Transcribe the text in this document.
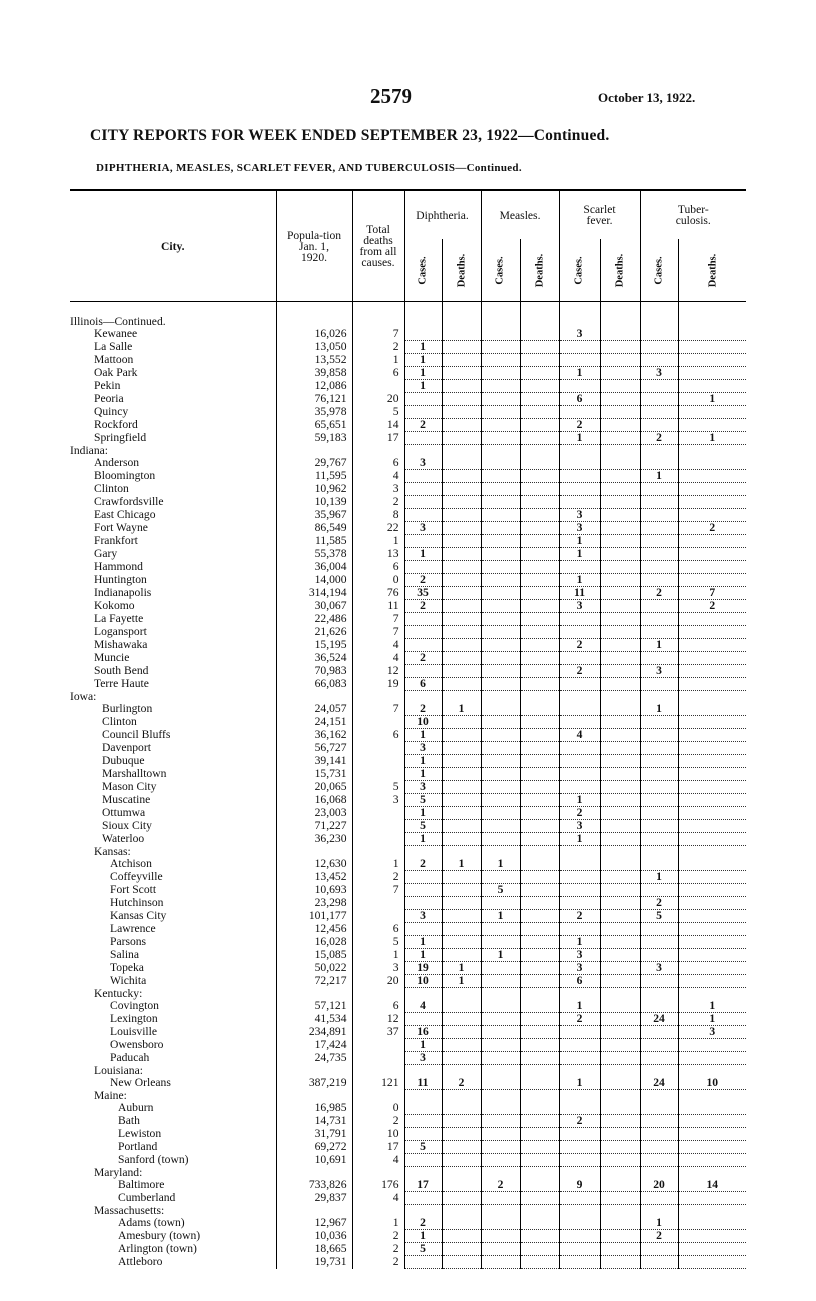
2579	October 13, 1922.
CITY REPORTS FOR WEEK ENDED SEPTEMBER 23, 1922—Continued.
DIPHTHERIA, MEASLES, SCARLET FEVER, AND TUBERCULOSIS—Continued.
City.	Popula-tion Jan. 1, 1920.	Total deaths from all causes.	Diphtheria.		Measles.		Scarlet fever.		Tuber-culosis.	
			Cases.	Deaths.	Cases.	Deaths.	Cases.	Deaths.	Cases.	Deaths.

Illinois—Continued.										
Kewanee	16,026	7					3			
La Salle	13,050	2	1							
Mattoon	13,552	1	1							
Oak Park	39,858	6	1				1		3	
Pekin	12,086		1							
Peoria	76,121	20					6			1
Quincy	35,978	5								
Rockford	65,651	14	2				2			
Springfield	59,183	17					1		2	1
Indiana:										
Anderson	29,767	6	3							
Bloomington	11,595	4							1	
Clinton	10,962	3								
Crawfordsville	10,139	2								
East Chicago	35,967	8					3			
Fort Wayne	86,549	22	3				3			2
Frankfort	11,585	1					1			
Gary	55,378	13	1				1			
Hammond	36,004	6								
Huntington	14,000	0	2				1			
Indianapolis	314,194	76	35				11		2	7
Kokomo	30,067	11	2				3			2
La Fayette	22,486	7								
Logansport	21,626	7								
Mishawaka	15,195	4					2		1	
Muncie	36,524	4	2							
South Bend	70,983	12					2		3	
Terre Haute	66,083	19	6							
Iowa:										
Burlington	24,057	7	2	1					1	
Clinton	24,151		10							
Council Bluffs	36,162	6	1				4			
Davenport	56,727		3							
Dubuque	39,141		1							
Marshalltown	15,731		1							
Mason City	20,065	5	3							
Muscatine	16,068	3	5				1			
Ottumwa	23,003		1				2			
Sioux City	71,227		5				3			
Waterloo	36,230		1				1			
Kansas:										
Atchison	12,630	1	2	1	1					
Coffeyville	13,452	2							1	
Fort Scott	10,693	7			5					
Hutchinson	23,298								2	
Kansas City	101,177		3		1		2		5	
Lawrence	12,456	6								
Parsons	16,028	5	1				1			
Salina	15,085	1	1		1		3			
Topeka	50,022	3	19	1			3		3	
Wichita	72,217	20	10	1			6			
Kentucky:										
Covington	57,121	6	4				1			1
Lexington	41,534	12					2		24	1
Louisville	234,891	37	16							3
Owensboro	17,424		1							
Paducah	24,735		3							
Louisiana:										
New Orleans	387,219	121	11	2			1		24	10
Maine:										
Auburn	16,985	0								
Bath	14,731	2					2			
Lewiston	31,791	10								
Portland	69,272	17	5							
Sanford (town)	10,691	4								
Maryland:										
Baltimore	733,826	176	17		2		9		20	14
Cumberland	29,837	4								
Massachusetts:										
Adams (town)	12,967	1	2						1	
Amesbury (town)	10,036	2	1						2	
Arlington (town)	18,665	2	5							
Attleboro	19,731	2								
